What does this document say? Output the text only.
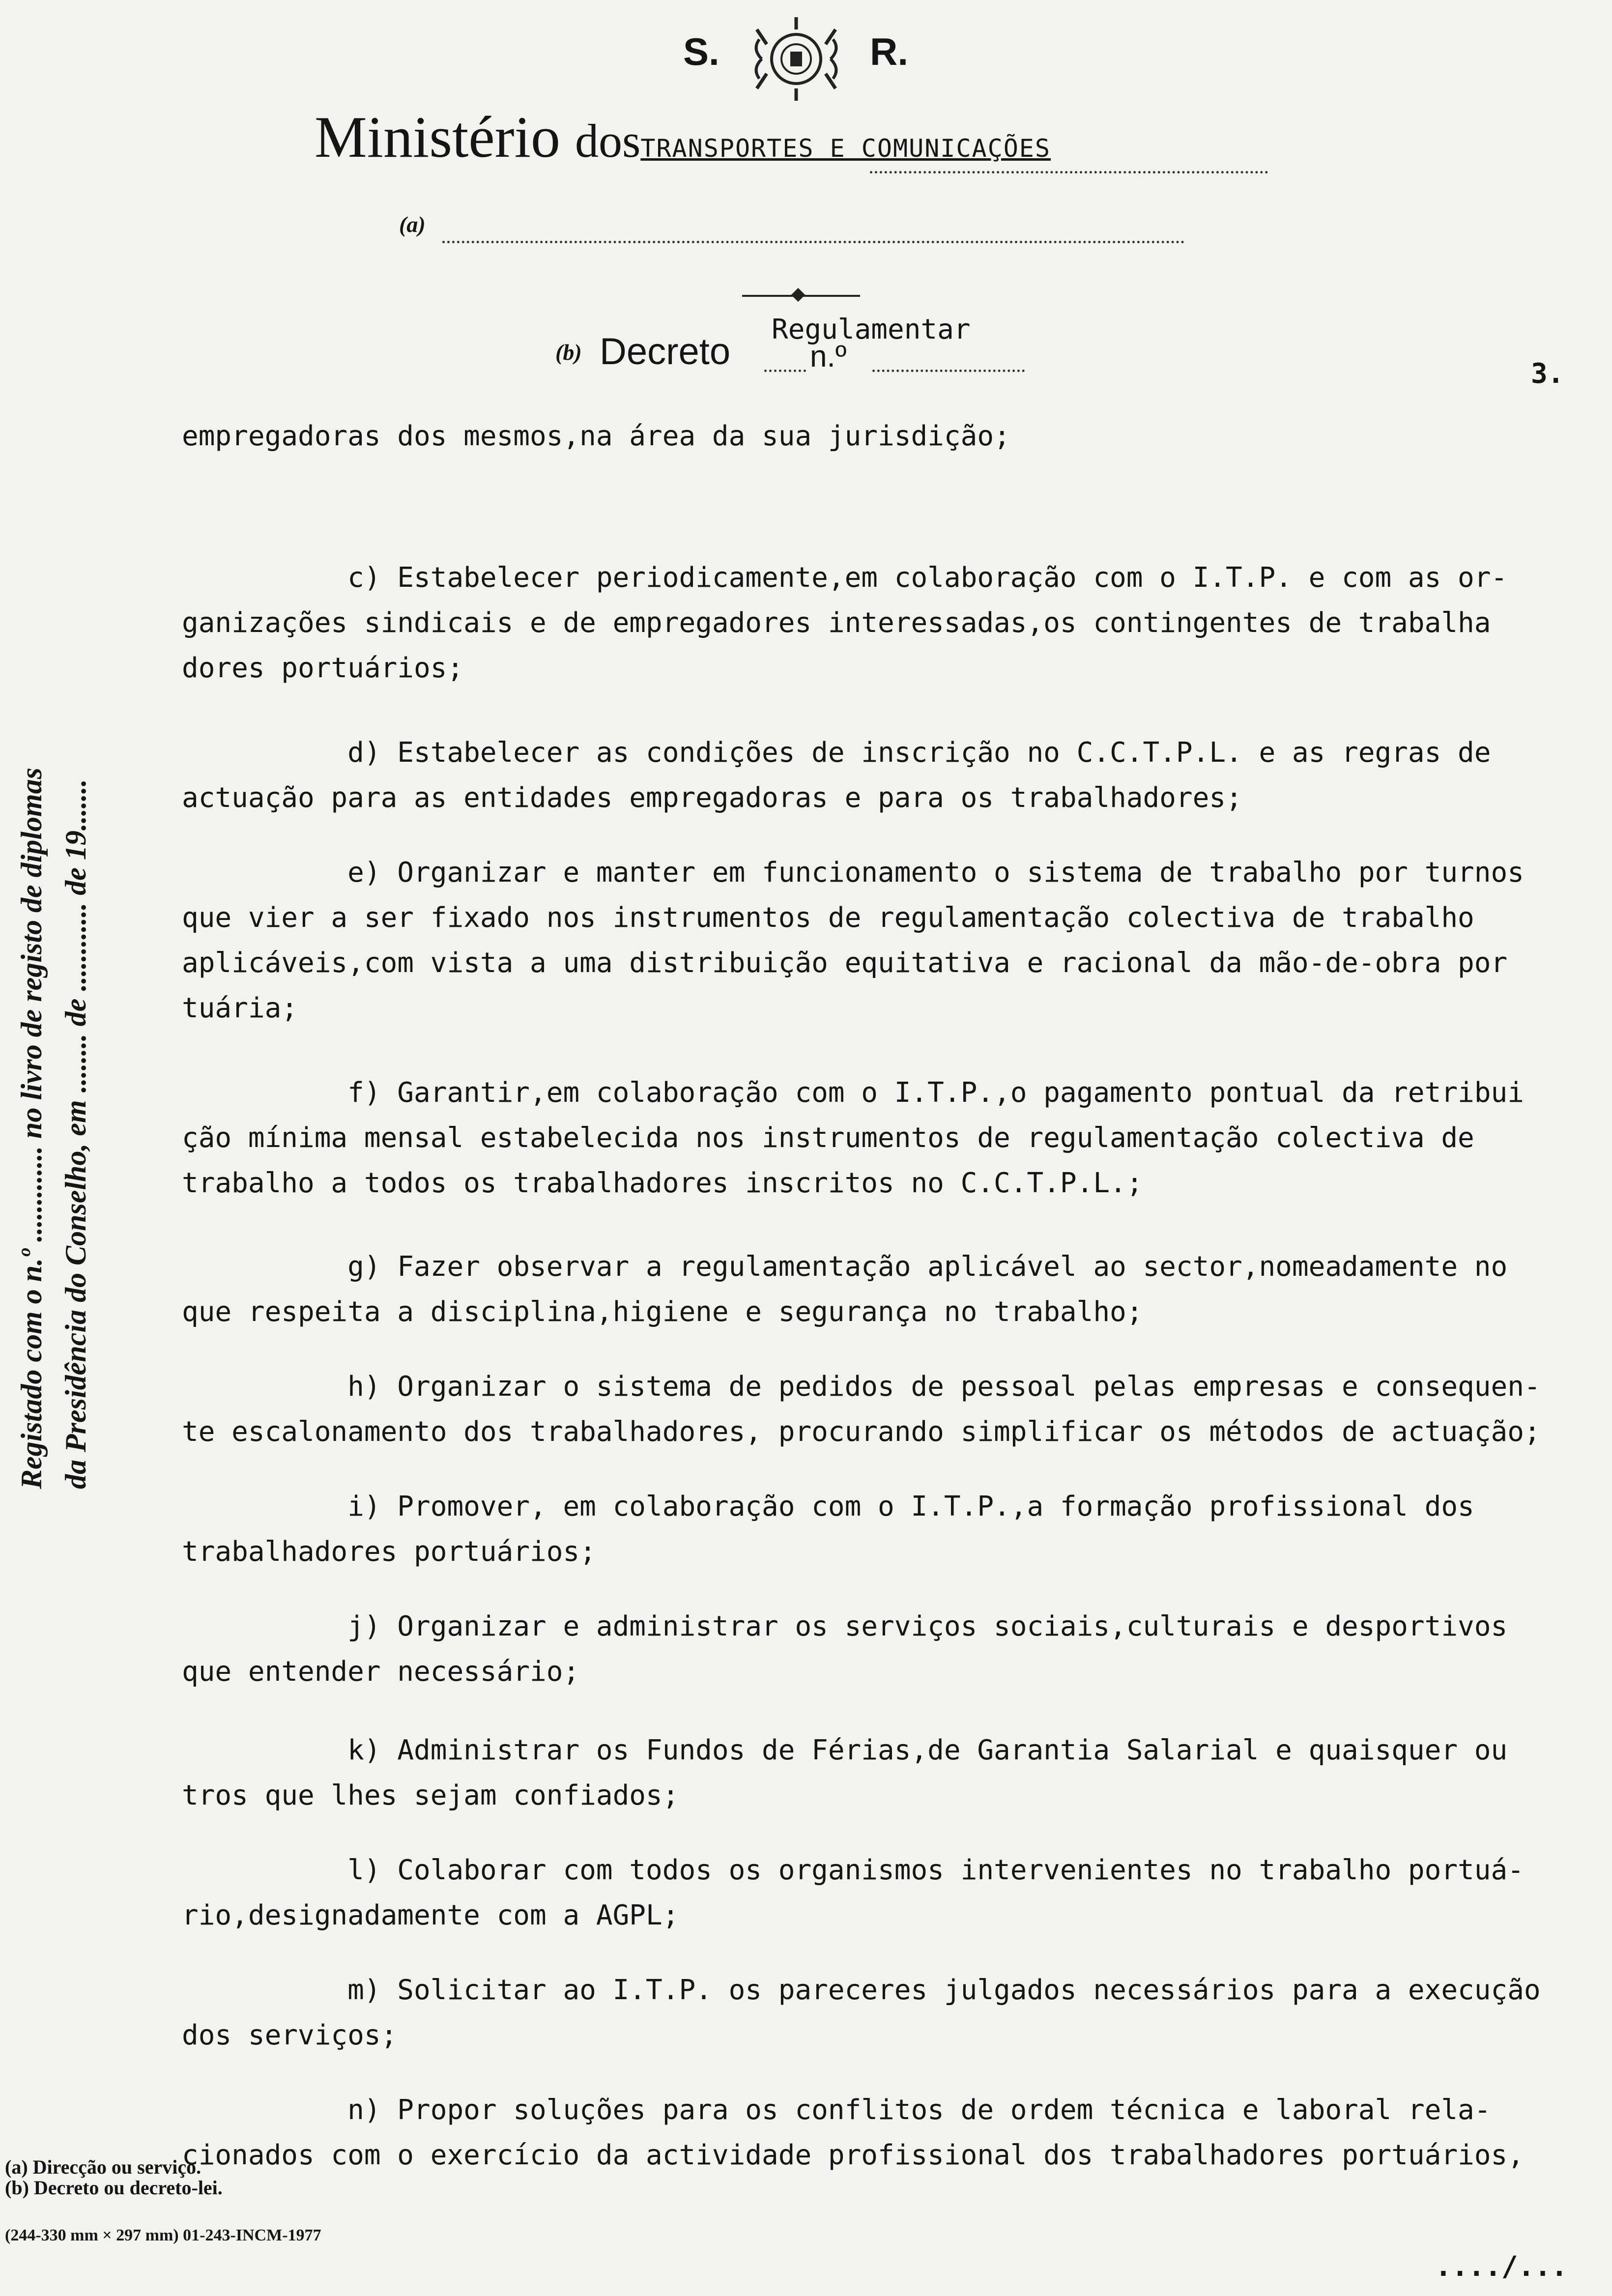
S.	R.
Ministério dosTRANSPORTES E COMUNICAÇÕES
(a)
Regulamentar
(b) Decreto	n.º
3.
empregadoras dos mesmos,na área da sua jurisdição;
c) Estabelecer periodicamente,em colaboração com o I.T.P. e com as or-
ganizações sindicais e de empregadores interessadas,os contingentes de trabalha
dores portuários;
d) Estabelecer as condições de inscrição no C.C.T.P.L. e as regras de
actuação para as entidades empregadoras e para os trabalhadores;
e) Organizar e manter em funcionamento o sistema de trabalho por turnos
que vier a ser fixado nos instrumentos de regulamentação colectiva de trabalho
aplicáveis,com vista a uma distribuição equitativa e racional da mão-de-obra por
tuária;
f) Garantir,em colaboração com o I.T.P.,o pagamento pontual da retribui
ção mínima mensal estabelecida nos instrumentos de regulamentação colectiva de
trabalho a todos os trabalhadores inscritos no C.C.T.P.L.;
g) Fazer observar a regulamentação aplicável ao sector,nomeadamente no
que respeita a disciplina,higiene e segurança no trabalho;
h) Organizar o sistema de pedidos de pessoal pelas empresas e consequen-
te escalonamento dos trabalhadores, procurando simplificar os métodos de actuação;
i) Promover, em colaboração com o I.T.P.,a formação profissional dos
trabalhadores portuários;
j) Organizar e administrar os serviços sociais,culturais e desportivos
que entender necessário;
k) Administrar os Fundos de Férias,de Garantia Salarial e quaisquer ou
tros que lhes sejam confiados;
l) Colaborar com todos os organismos intervenientes no trabalho portuá-
rio,designadamente com a AGPL;
m) Solicitar ao I.T.P. os pareceres julgados necessários para a execução
dos serviços;
n) Propor soluções para os conflitos de ordem técnica e laboral rela-
cionados com o exercício da actividade profissional dos trabalhadores portuários,
Registado com o n.º ............. no livro de registo de diplomas da Presidência do Conselho, em ........ de ............ de 19.......
(a) Direcção ou serviço.
(b) Decreto ou decreto-lei.
(244-330 mm × 297 mm) 01-243-INCM-1977
..../...
